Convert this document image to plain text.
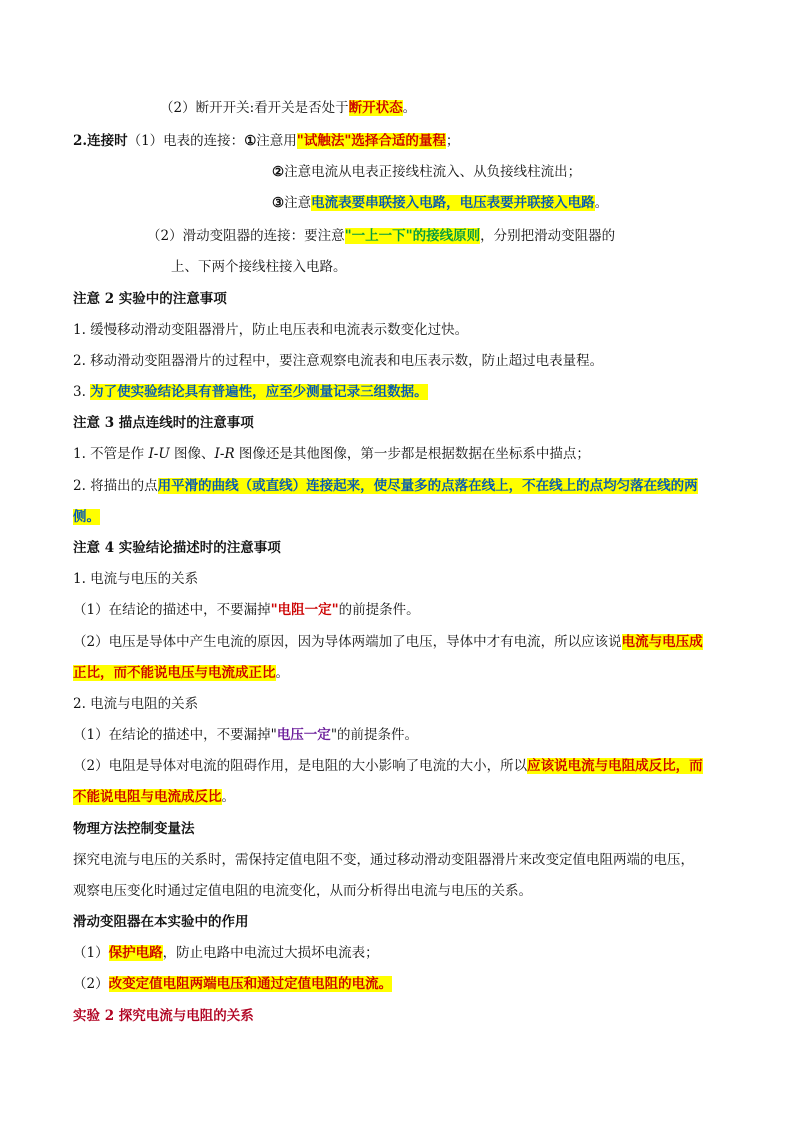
（2）断开开关:看开关是否处于断开状态。
2.连接时（1）电表的连接：①注意用"试触法"选择合适的量程；
②注意电流从电表正接线柱流入、从负接线柱流出；
③注意电流表要串联接入电路，电压表要并联接入电路。
（2）滑动变阻器的连接：要注意"一上一下"的接线原则，分别把滑动变阻器的
上、下两个接线柱接入电路。
注意 2 实验中的注意事项
1. 缓慢移动滑动变阻器滑片，防止电压表和电流表示数变化过快。
2. 移动滑动变阻器滑片的过程中，要注意观察电流表和电压表示数，防止超过电表量程。
3. 为了使实验结论具有普遍性，应至少测量记录三组数据。
注意 3 描点连线时的注意事项
1. 不管是作 I-U 图像、I-R 图像还是其他图像，第一步都是根据数据在坐标系中描点；
2. 将描出的点用平滑的曲线（或直线）连接起来，使尽量多的点落在线上，不在线上的点均匀落在线的两
侧。
注意 4 实验结论描述时的注意事项
1. 电流与电压的关系
（1）在结论的描述中，不要漏掉"电阻一定"的前提条件。
（2）电压是导体中产生电流的原因，因为导体两端加了电压，导体中才有电流，所以应该说电流与电压成
正比，而不能说电压与电流成正比。
2. 电流与电阻的关系
（1）在结论的描述中，不要漏掉"电压一定"的前提条件。
（2）电阻是导体对电流的阻碍作用，是电阻的大小影响了电流的大小，所以应该说电流与电阻成反比，而
不能说电阻与电流成反比。
物理方法控制变量法
探究电流与电压的关系时，需保持定值电阻不变，通过移动滑动变阻器滑片来改变定值电阻两端的电压，
观察电压变化时通过定值电阻的电流变化，从而分析得出电流与电压的关系。
滑动变阻器在本实验中的作用
（1）保护电路，防止电路中电流过大损坏电流表；
（2）改变定值电阻两端电压和通过定值电阻的电流。
实验 2 探究电流与电阻的关系
